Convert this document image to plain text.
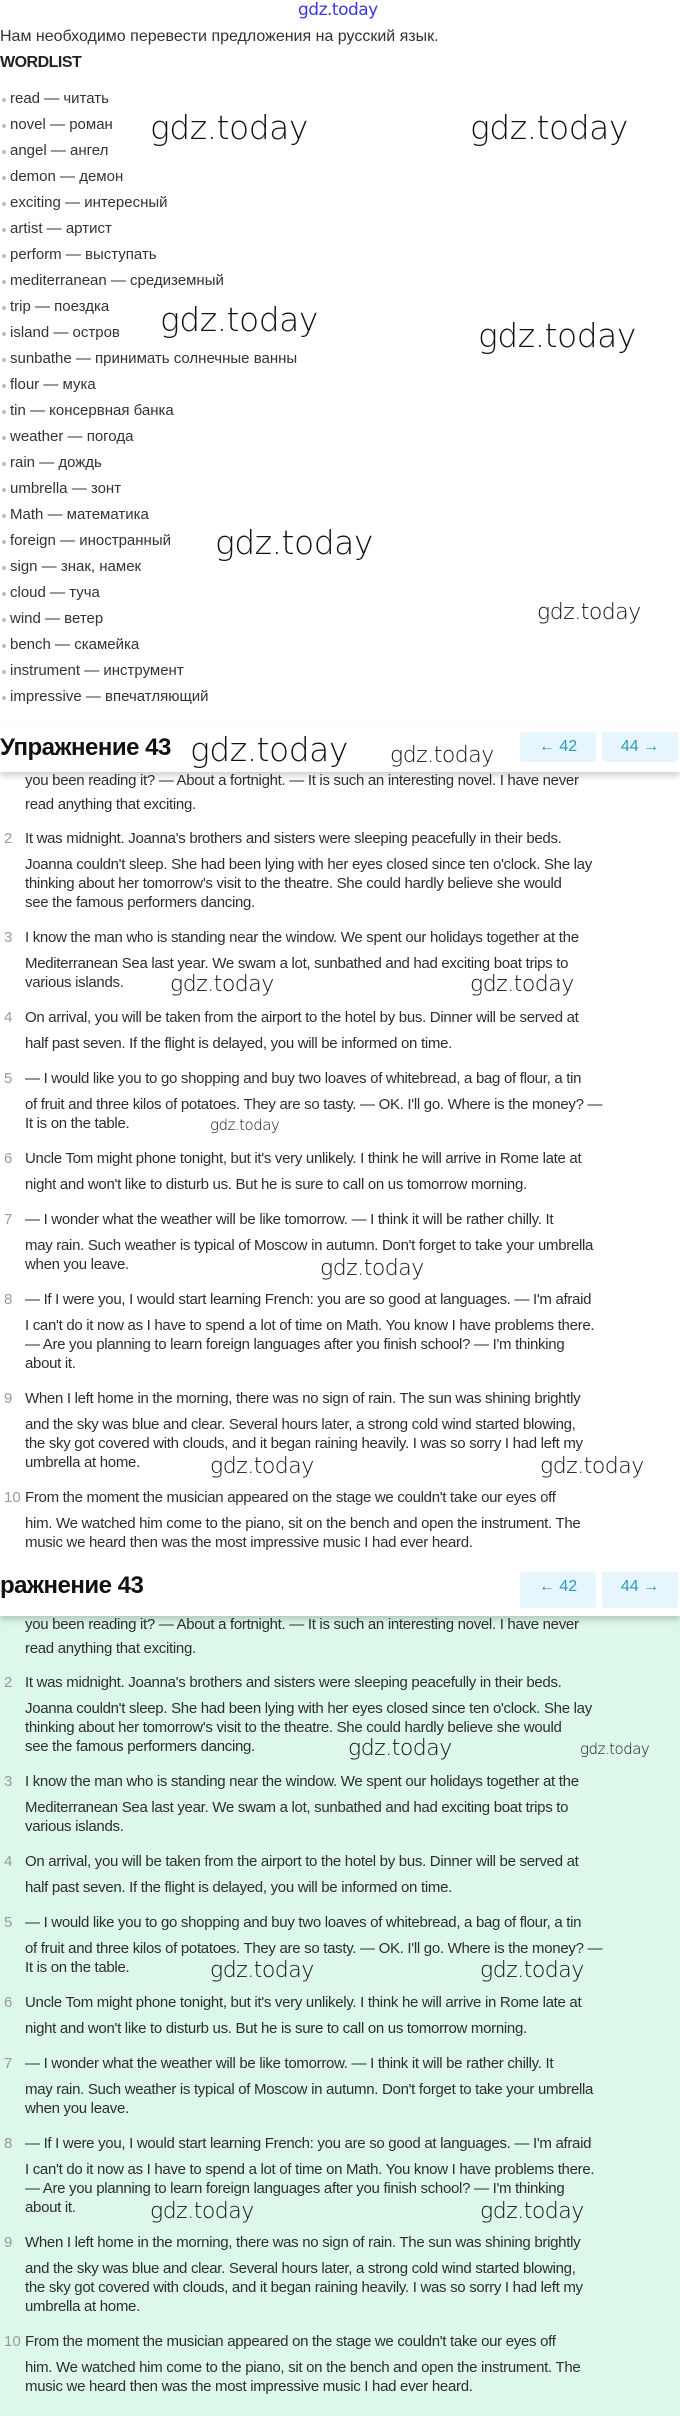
gdz.today
Нам необходимо перевести предложения на русский язык.
WORDLIST
read — читать
novel — роман
angel — ангел
demon — демон
exciting — интересный
artist — артист
perform — выступать
mediterranean — средиземный
trip — поездка
island — остров
sunbathe — принимать солнечные ванны
flour — мука
tin — консервная банка
weather — погода
rain — дождь
umbrella — зонт
Math — математика
foreign — иностранный
sign — знак, намек
cloud — туча
wind — ветер
bench — скамейка
instrument — инструмент
impressive — впечатляющий
you been reading it? — About a fortnight. — It is such an interesting novel. I have never
read anything that exciting.
2 It was midnight. Joanna's brothers and sisters were sleeping peacefully in their beds.
Joanna couldn't sleep. She had been lying with her eyes closed since ten o'clock. She lay
thinking about her tomorrow's visit to the theatre. She could hardly believe she would
see the famous performers dancing.
3 I know the man who is standing near the window. We spent our holidays together at the
Mediterranean Sea last year. We swam a lot, sunbathed and had exciting boat trips to
various islands.
4 On arrival, you will be taken from the airport to the hotel by bus. Dinner will be served at
half past seven. If the flight is delayed, you will be informed on time.
5 — I would like you to go shopping and buy two loaves of whitebread, a bag of flour, a tin
of fruit and three kilos of potatoes. They are so tasty. — OK. I'll go. Where is the money? —
It is on the table.
6 Uncle Tom might phone tonight, but it's very unlikely. I think he will arrive in Rome late at
night and won't like to disturb us. But he is sure to call on us tomorrow morning.
7 — I wonder what the weather will be like tomorrow. — I think it will be rather chilly. It
may rain. Such weather is typical of Moscow in autumn. Don't forget to take your umbrella
when you leave.
8 — If I were you, I would start learning French: you are so good at languages. — I'm afraid
I can't do it now as I have to spend a lot of time on Math. You know I have problems there.
— Are you planning to learn foreign languages after you finish school? — I'm thinking
about it.
9 When I left home in the morning, there was no sign of rain. The sun was shining brightly
and the sky was blue and clear. Several hours later, a strong cold wind started blowing,
the sky got covered with clouds, and it began raining heavily. I was so sorry I had left my
umbrella at home.
10 From the moment the musician appeared on the stage we couldn't take our eyes off
him. We watched him come to the piano, sit on the bench and open the instrument. The
music we heard then was the most impressive music I had ever heard.
Упражнение 43	← 42	44 →
you been reading it? — About a fortnight. — It is such an interesting novel. I have never
read anything that exciting.
2 It was midnight. Joanna's brothers and sisters were sleeping peacefully in their beds.
Joanna couldn't sleep. She had been lying with her eyes closed since ten o'clock. She lay
thinking about her tomorrow's visit to the theatre. She could hardly believe she would
see the famous performers dancing.
3 I know the man who is standing near the window. We spent our holidays together at the
Mediterranean Sea last year. We swam a lot, sunbathed and had exciting boat trips to
various islands.
4 On arrival, you will be taken from the airport to the hotel by bus. Dinner will be served at
half past seven. If the flight is delayed, you will be informed on time.
5 — I would like you to go shopping and buy two loaves of whitebread, a bag of flour, a tin
of fruit and three kilos of potatoes. They are so tasty. — OK. I'll go. Where is the money? —
It is on the table.
6 Uncle Tom might phone tonight, but it's very unlikely. I think he will arrive in Rome late at
night and won't like to disturb us. But he is sure to call on us tomorrow morning.
7 — I wonder what the weather will be like tomorrow. — I think it will be rather chilly. It
may rain. Such weather is typical of Moscow in autumn. Don't forget to take your umbrella
when you leave.
8 — If I were you, I would start learning French: you are so good at languages. — I'm afraid
I can't do it now as I have to spend a lot of time on Math. You know I have problems there.
— Are you planning to learn foreign languages after you finish school? — I'm thinking
about it.
9 When I left home in the morning, there was no sign of rain. The sun was shining brightly
and the sky was blue and clear. Several hours later, a strong cold wind started blowing,
the sky got covered with clouds, and it began raining heavily. I was so sorry I had left my
umbrella at home.
10 From the moment the musician appeared on the stage we couldn't take our eyes off
him. We watched him come to the piano, sit on the bench and open the instrument. The
music we heard then was the most impressive music I had ever heard.
ражнение 43	← 42	44 →
gdz.today	gdz.today
gdz.today	gdz.today
gdz.today
gdz.today
gdz.today gdz.today
gdz.today	gdz.today
gdz.today
gdz.today
gdz.today	gdz.today
gdz.today	gdz.today
gdz.today	gdz.today
gdz.today	gdz.today
